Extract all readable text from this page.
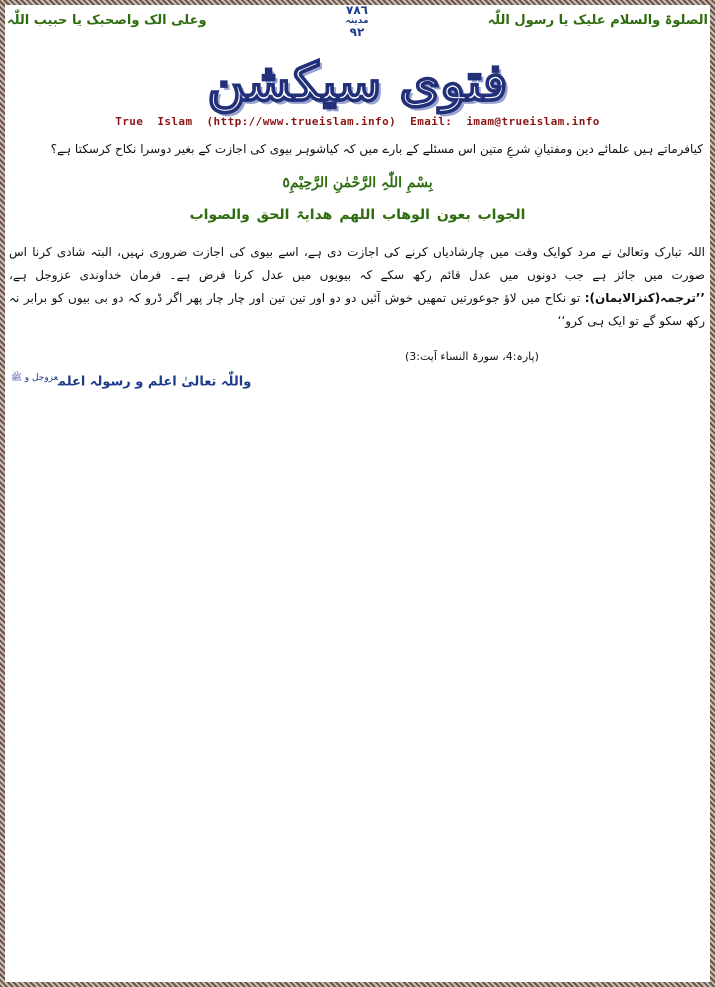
الصلوۃ والسلام علیک یا رسول اللّٰہ
٧٨٦
مدینہ
٩٢
وعلی الک واصحبک یا حبیب اللّٰہ
فتوی سیکشن
True  Islam  (http://www.trueislam.info)  Email:  imam@trueislam.info
کیافرماتے ہیں علمائے دین ومفتیانِ شرعِ متین اس مسئلے کے بارے میں کہ کیاشوہر بیوی کی اجازت کے بغیر دوسرا نکاح کرسکتا ہے؟
بِسْمِ اللّٰہِ الرَّحْمٰنِ الرَّحِیْمِ٥
الجواب بعون الوھاب اللھم ھدایۃ الحق والصواب

اللہ تبارک وتعالیٰ نے مرد کوایک وقت میں چارشادیاں کرنے کی اجازت دی ہے، اسے بیوی کی اجازت ضروری نہیں، البتہ شادی کرنا اس صورت میں جائز ہے جب دونوں میں عدل قائم رکھ سکے کہ بیویوں میں عدل کرنا فرض ہے۔ فرمان خداوندی عزوجل ہے، ’’ترجمہ(کنزالایمان): تو نکاح میں لاؤ جوعورتیں تمھیں خوش آئیں دو دو اور تین تین اور چار چار پھر اگر ڈرو کہ دو بی بیوں کو برابر نہ رکھ سکو گے تو ایک ہی کرو‘‘

(پارہ:4، سورۃ النساء آیت:3)
واللّٰہ تعالیٰ اعلم و رسولہ اعلم$^{عزوجل و ﷺ}$
